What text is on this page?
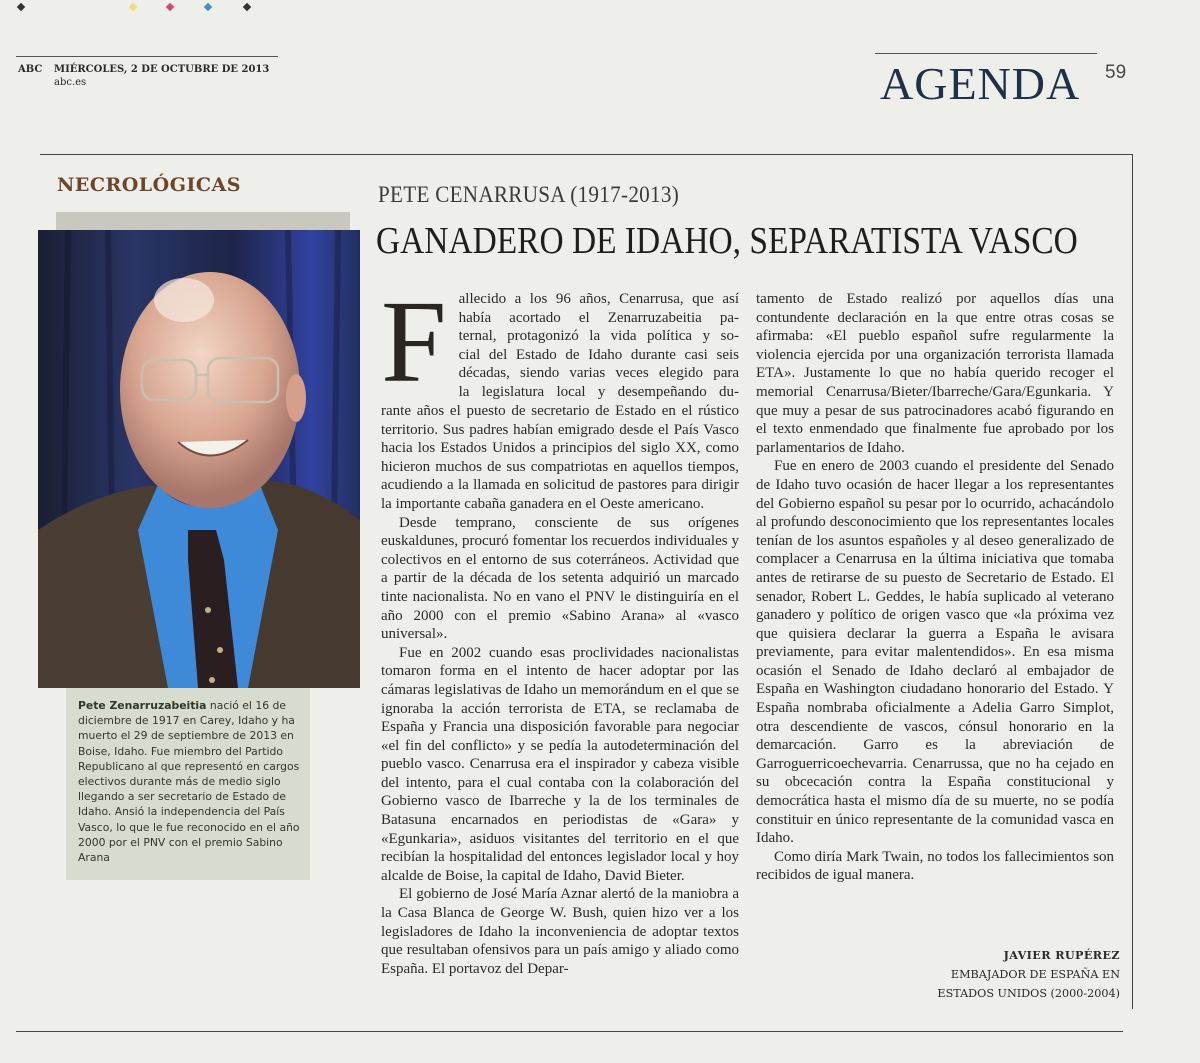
ABC MIÉRCOLES, 2 DE OCTUBRE DE 2013
abc.es	AGENDA 59
NECROLÓGICAS
Pete Zenarruzabeitia nació el 16 de diciembre de 1917 en Carey, Idaho y ha muerto el 29 de septiembre de 2013 en Boise, Idaho. Fue miembro del Partido Republicano al que representó en cargos electivos durante más de medio siglo llegando a ser secretario de Estado de Idaho. Ansió la independencia del País Vasco, lo que le fue reconocido en el año 2000 por el PNV con el premio Sabino Arana
PETE CENARRUSA (1917-2013)
GANADERO DE IDAHO, SEPARATISTA VASCO

F allecido a los 96 años, Cenarrusa, que así
había acortado el Zenarruzabeitia pa-
ternal, protagonizó la vida política y so-
cial del Estado de Idaho durante casi seis
décadas, siendo varias veces elegido para
la legislatura local y desempeñando du-
rante años el puesto de secretario de Estado en el rústico territorio. Sus padres habían emigrado desde el País Vasco hacia los Estados Unidos a principios del siglo XX, como hicieron muchos de sus compatriotas en aquellos tiempos, acudiendo a la llamada en solicitud de pastores para dirigir la importante cabaña ganadera en el Oeste americano.

Desde temprano, consciente de sus orígenes euskaldunes, procuró fomentar los recuerdos individuales y colectivos en el entorno de sus coterráneos. Actividad que a partir de la década de los setenta adquirió un marcado tinte nacionalista. No en vano el PNV le distinguiría en el año 2000 con el premio «Sabino Arana» al «vasco universal».

Fue en 2002 cuando esas proclividades nacionalistas tomaron forma en el intento de hacer adoptar por las cámaras legislativas de Idaho un memorándum en el que se ignoraba la acción terrorista de ETA, se reclamaba de España y Francia una disposición favorable para negociar «el fin del conflicto» y se pedía la autodeterminación del pueblo vasco. Cenarrusa era el inspirador y cabeza visible del intento, para el cual contaba con la colaboración del Gobierno vasco de Ibarreche y la de los terminales de Batasuna encarnados en periodistas de «Gara» y «Egunkaria», asiduos visitantes del territorio en el que recibían la hospitalidad del entonces legislador local y hoy alcalde de Boise, la capital de Idaho, David Bieter.

El gobierno de José María Aznar alertó de la maniobra a la Casa Blanca de George W. Bush, quien hizo ver a los legisladores de Idaho la inconveniencia de adoptar textos que resultaban ofensivos para un país amigo y aliado como España. El portavoz del Depar-

tamento de Estado realizó por aquellos días una contundente declaración en la que entre otras cosas se afirmaba: «El pueblo español sufre regularmente la violencia ejercida por una organización terrorista llamada ETA». Justamente lo que no había querido recoger el memorial Cenarrusa/Bieter/Ibarreche/Gara/Egunkaria. Y que muy a pesar de sus patrocinadores acabó figurando en el texto enmendado que finalmente fue aprobado por los parlamentarios de Idaho.

Fue en enero de 2003 cuando el presidente del Senado de Idaho tuvo ocasión de hacer llegar a los representantes del Gobierno español su pesar por lo ocurrido, achacándolo al profundo desconocimiento que los representantes locales tenían de los asuntos españoles y al deseo generalizado de complacer a Cenarrusa en la última iniciativa que tomaba antes de retirarse de su puesto de Secretario de Estado. El senador, Robert L. Geddes, le había suplicado al veterano ganadero y político de origen vasco que «la próxima vez que quisiera declarar la guerra a España le avisara previamente, para evitar malentendidos». En esa misma ocasión el Senado de Idaho declaró al embajador de España en Washington ciudadano honorario del Estado. Y España nombraba oficialmente a Adelia Garro Simplot, otra descendiente de vascos, cónsul honorario en la demarcación. Garro es la abreviación de Garroguerricoechevarria. Cenarrussa, que no ha cejado en su obcecación contra la España constitucional y democrática hasta el mismo día de su muerte, no se podía constituir en único representante de la comunidad vasca en Idaho.

Como diría Mark Twain, no todos los fallecimientos son recibidos de igual manera.

JAVIER RUPÉREZ
EMBAJADOR DE ESPAÑA EN
ESTADOS UNIDOS (2000-2004)
